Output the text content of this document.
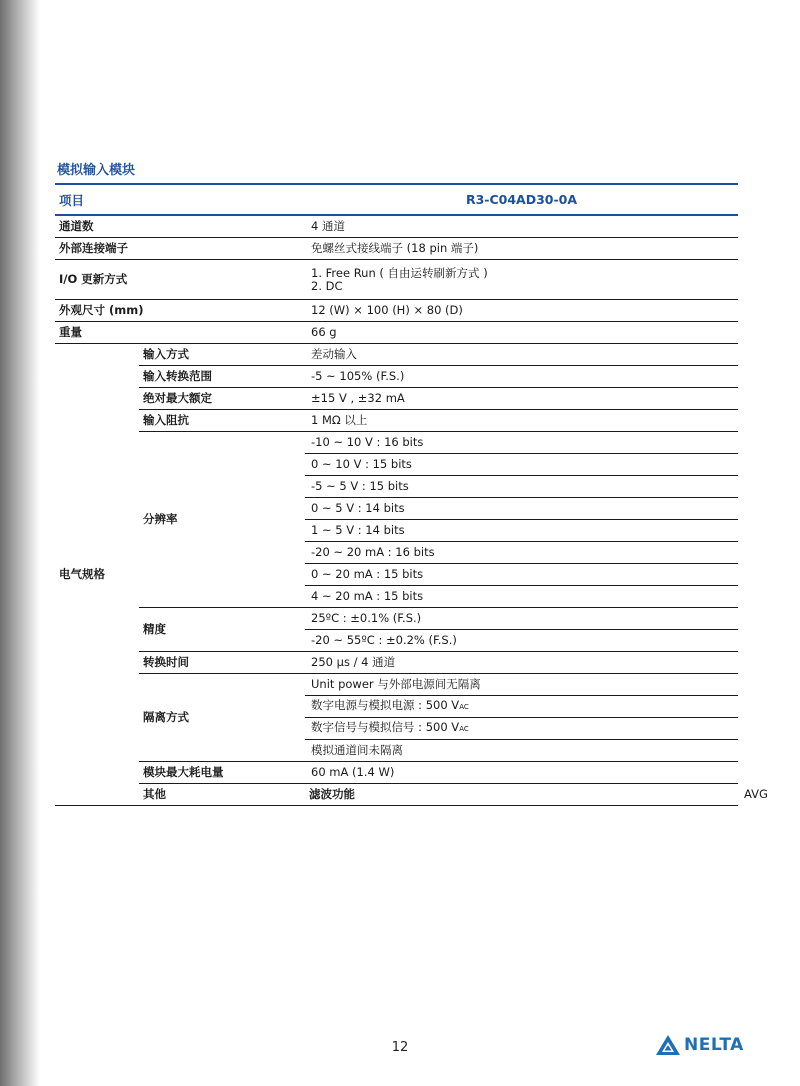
模拟输入模块
项目		R3-C04AD30-0A	
通道数		4 通道	
外部连接端子		免螺丝式接线端子 (18 pin 端子)	
I/O 更新方式		1. Free Run ( 自由运转刷新方式 )
2. DC	

外观尺寸 (mm)		12 (W) × 100 (H) × 80 (D)	
重量		66 g	
电气规格	输入方式	差动输入	
	输入转换范围	-5 ~ 105% (F.S.)	
	绝对最大额定	±15 V , ±32 mA	
	输入阻抗	1 MΩ 以上	
	分辨率	-10 ~ 10 V : 16 bits	
		0 ~ 10 V : 15 bits	
		-5 ~ 5 V : 15 bits	
		0 ~ 5 V : 14 bits	
		1 ~ 5 V : 14 bits	
		-20 ~ 20 mA : 16 bits	
		0 ~ 20 mA : 15 bits	
		4 ~ 20 mA : 15 bits	
	精度	25ºC : ±0.1% (F.S.)	
		-20 ~ 55ºC : ±0.2% (F.S.)	
	转换时间	250 µs / 4 通道	
	隔离方式	Unit power 与外部电源间无隔离	
		数字电源与模拟电源 : 500 VAC	
		数字信号与模拟信号 : 500 VAC	
		模拟通道间未隔离	
	模块最大耗电量	60 mA (1.4 W)	
	其他	滤波功能	AVG
12	NELTA
